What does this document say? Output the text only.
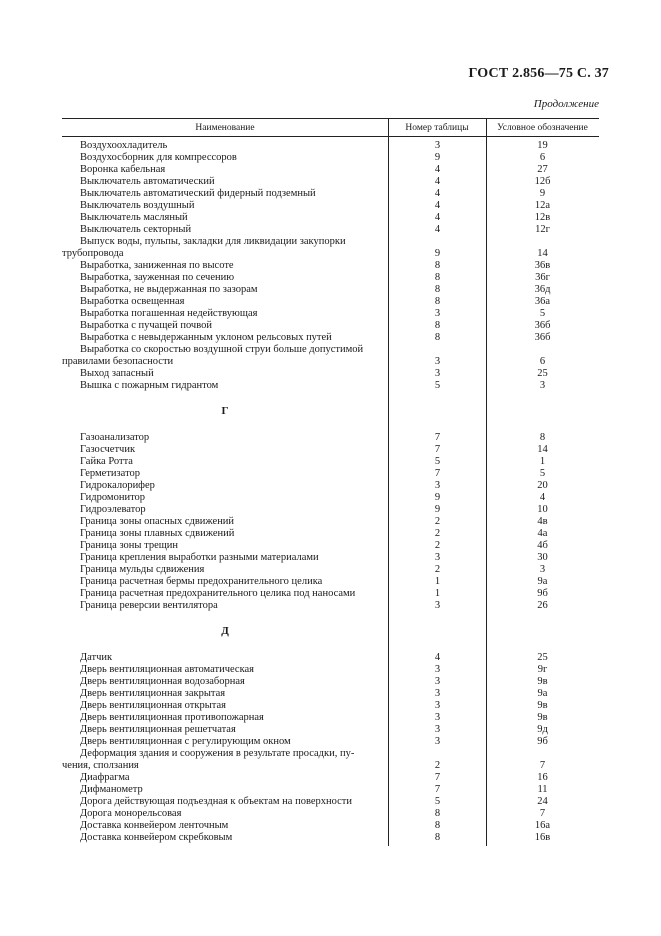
ГОСТ 2.856—75 С. 37
Продолжение
Наименование	Номер таблицы	Условное обозначение
Воздухоохладитель	3	19
Воздухосборник для компрессоров	9	6
Воронка кабельная	4	27
Выключатель автоматический	4	12б
Выключатель автоматический фидерный подземный	4	9
Выключатель воздушный	4	12а
Выключатель масляный	4	12в
Выключатель секторный	4	12г
Выпуск воды, пульпы, закладки для ликвидации закупорки
трубопровода	9	14
Выработка, заниженная по высоте	8	36в
Выработка, зауженная по сечению	8	36г
Выработка, не выдержанная по зазорам	8	36д
Выработка освещенная	8	36а
Выработка погашенная недействующая	3	5
Выработка с пучащей почвой	8	36б
Выработка с невыдержанным уклоном рельсовых путей	8	36б
Выработка со скоростью воздушной струи больше допустимой
правилами безопасности	3	6
Выход запасный	3	25
Вышка с пожарным гидрантом	5	3
Г
Газоанализатор	7	8
Газосчетчик	7	14
Гайка Ротта	5	1
Герметизатор	7	5
Гидрокалорифер	3	20
Гидромонитор	9	4
Гидроэлеватор	9	10
Граница зоны опасных сдвижений	2	4в
Граница зоны плавных сдвижений	2	4а
Граница зоны трещин	2	4б
Граница крепления выработки разными материалами	3	30
Граница мульды сдвижения	2	3
Граница расчетная бермы предохранительного целика	1	9а
Граница расчетная предохранительного целика под наносами	1	9б
Граница реверсии вентилятора	3	26
Д
Датчик	4	25
Дверь вентиляционная автоматическая	3	9г
Дверь вентиляционная водозаборная	3	9в
Дверь вентиляционная закрытая	3	9а
Дверь вентиляционная открытая	3	9в
Дверь вентиляционная противопожарная	3	9в
Дверь вентиляционная решетчатая	3	9д
Дверь вентиляционная с регулирующим окном	3	9б
Деформация здания и сооружения в результате просадки, пу-
чения, сползания	2	7
Диафрагма	7	16
Дифманометр	7	11
Дорога действующая подъездная к объектам на поверхности	5	24
Дорога монорельсовая	8	7
Доставка конвейером ленточным	8	16а
Доставка конвейером скребковым	8	16в
